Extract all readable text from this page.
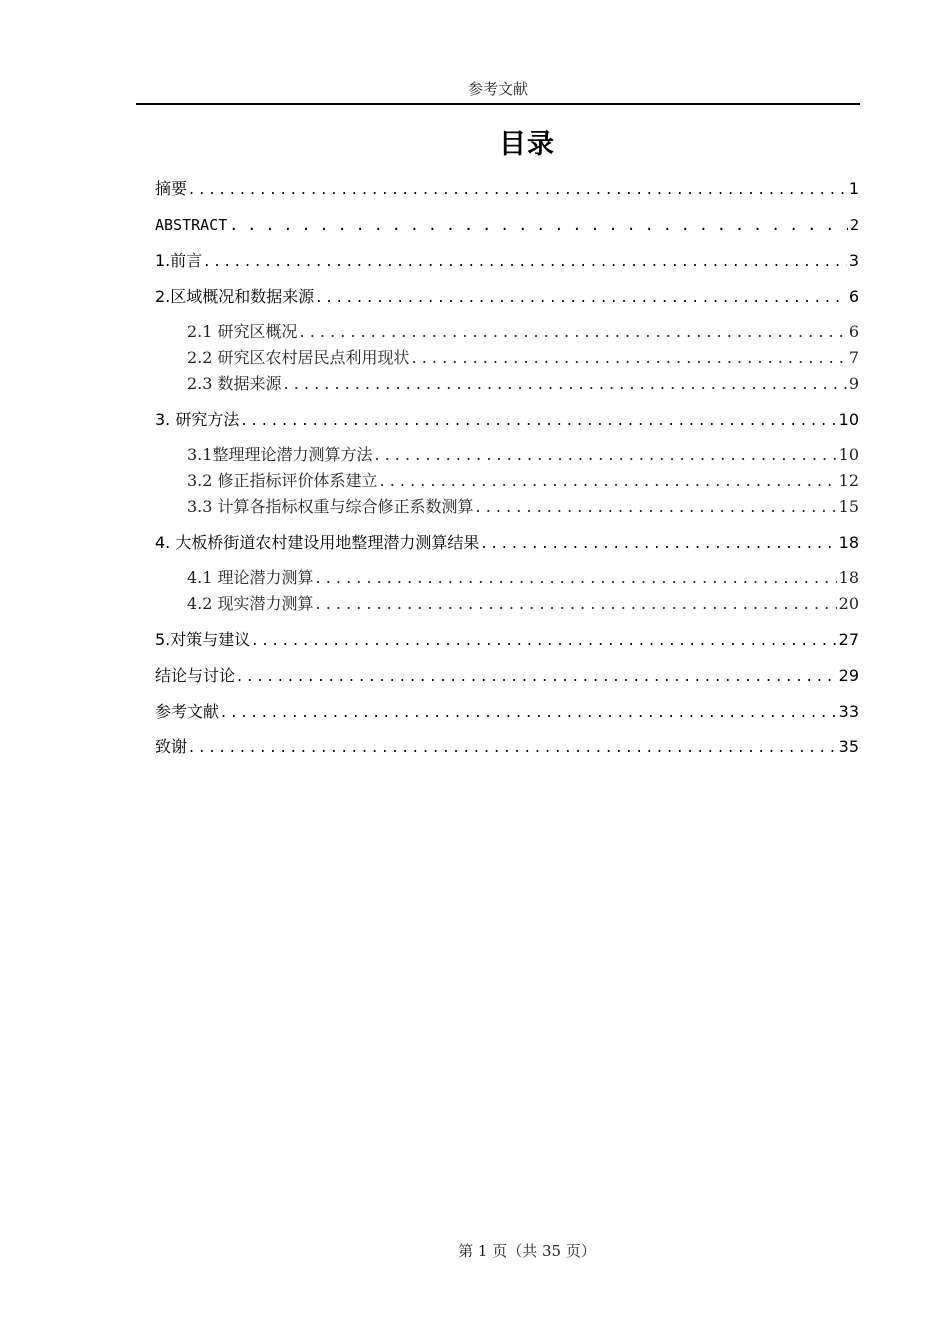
参考文献
目录
摘要 . . .	1
ABSTRACT . . .	2
1.前言 . . .	3
2.区域概况和数据来源 . . .	6
2.1 研究区概况 . . .	6
2.2 研究区农村居民点利用现状 . . .	7
2.3 数据来源 . . .	9
3. 研究方法 . . .	10
3.1整理理论潜力测算方法 . . .	10
3.2 修正指标评价体系建立 . . .	12
3.3 计算各指标权重与综合修正系数测算 . . .	15
4. 大板桥街道农村建设用地整理潜力测算结果 . . .	18
4.1 理论潜力测算 . . .	18
4.2 现实潜力测算 . . .	20
5.对策与建议 . . .	27
结论与讨论 . . .	29
参考文献 . . .	33
致谢 . . .	35
第 1 页（共 35 页）
